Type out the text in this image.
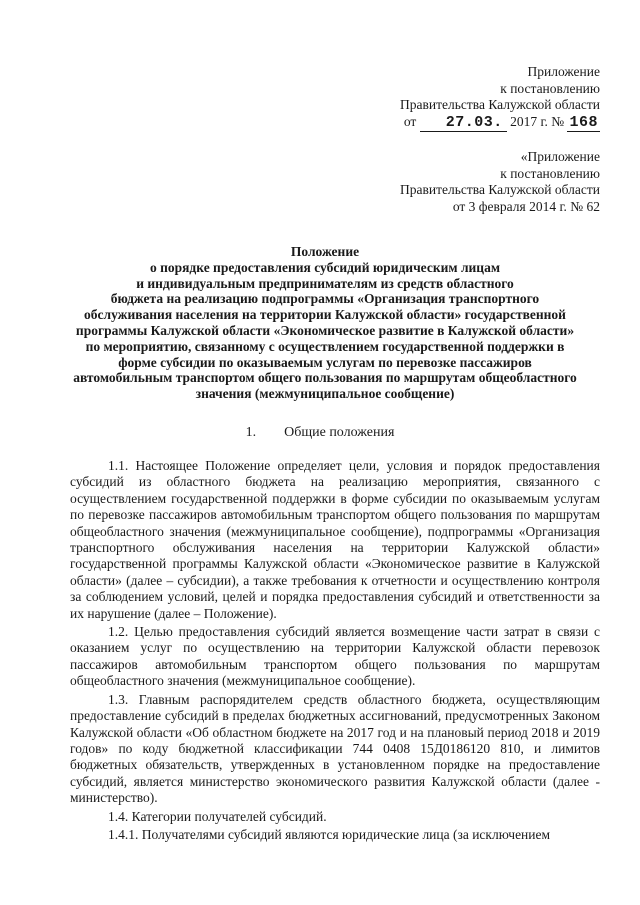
Приложение
к постановлению
Правительства Калужской области
от 27.03. 2017 г. № 168
«Приложение
к постановлению
Правительства Калужской области
от 3 февраля 2014 г. № 62
Положение
о порядке предоставления субсидий юридическим лицам
и индивидуальным предпринимателям из средств областного
бюджета на реализацию подпрограммы «Организация транспортного
обслуживания населения на территории Калужской области» государственной
программы Калужской области «Экономическое развитие в Калужской области»
по мероприятию, связанному с осуществлением государственной поддержки в
форме субсидии по оказываемым услугам по перевозке пассажиров
автомобильным транспортом общего пользования по маршрутам общеобластного
значения (межмуниципальное сообщение)
1. Общие положения

1.1. Настоящее Положение определяет цели, условия и порядок предоставления субсидий из областного бюджета на реализацию мероприятия, связанного с осуществлением государственной поддержки в форме субсидии по оказываемым услугам по перевозке пассажиров автомобильным транспортом общего пользования по маршрутам общеобластного значения (межмуниципальное сообщение), подпрограммы «Организация транспортного обслуживания населения на территории Калужской области» государственной программы Калужской области «Экономическое развитие в Калужской области» (далее – субсидии), а также требования к отчетности и осуществлению контроля за соблюдением условий, целей и порядка предоставления субсидий и ответственности за их нарушение (далее – Положение).

1.2. Целью предоставления субсидий является возмещение части затрат в связи с оказанием услуг по осуществлению на территории Калужской области перевозок пассажиров автомобильным транспортом общего пользования по маршрутам общеобластного значения (межмуниципальное сообщение).

1.3. Главным распорядителем средств областного бюджета, осуществляющим предоставление субсидий в пределах бюджетных ассигнований, предусмотренных Законом Калужской области «Об областном бюджете на 2017 год и на плановый период 2018 и 2019 годов» по коду бюджетной классификации 744 0408 15Д0186120 810, и лимитов бюджетных обязательств, утвержденных в установленном порядке на предоставление субсидий, является министерство экономического развития Калужской области (далее - министерство).

1.4. Категории получателей субсидий.

1.4.1. Получателями субсидий являются юридические лица (за исключением
